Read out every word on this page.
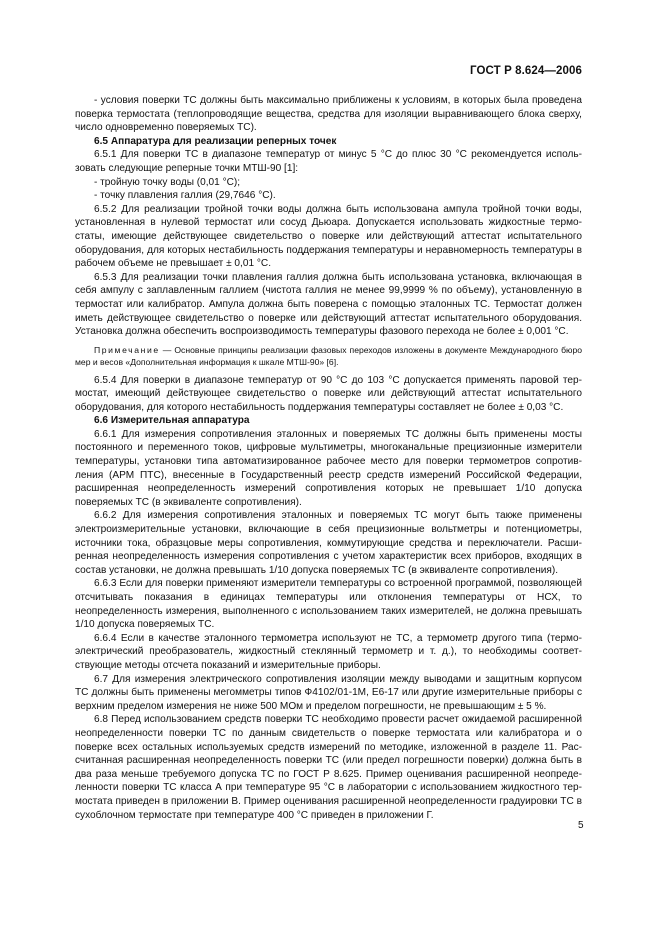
ГОСТ Р 8.624—2006

- условия поверки ТС должны быть максимально приближены к условиям, в которых была проведена поверка термостата (теплопроводящие вещества, средства для изоляции выравнивающего блока сверху, число одновременно поверяемых ТС).

6.5 Аппаратура для реализации реперных точек

6.5.1 Для поверки ТС в диапазоне температур от минус 5 °С до плюс 30 °С рекомендуется использовать следующие реперные точки МТШ-90 [1]:

- тройную точку воды (0,01 °С);

- точку плавления галлия (29,7646 °С).

6.5.2 Для реализации тройной точки воды должна быть использована ампула тройной точки воды, установленная в нулевой термостат или сосуд Дьюара. Допускается использовать жидкостные термостаты, имеющие действующее свидетельство о поверке или действующий аттестат испытательного оборудования, для которых нестабильность поддержания температуры и неравномерность температуры в рабочем объеме не превышает ± 0,01 °С.

6.5.3 Для реализации точки плавления галлия должна быть использована установка, включающая в себя ампулу с заплавленным галлием (чистота галлия не менее 99,9999 % по объему), установленную в термостат или калибратор. Ампула должна быть поверена с помощью эталонных ТС. Термостат должен иметь действующее свидетельство о поверке или действующий аттестат испытательного оборудования. Установка должна обеспечить воспроизводимость температуры фазового перехода не более ± 0,001 °С.

Примечание — Основные принципы реализации фазовых переходов изложены в документе Международного бюро мер и весов «Дополнительная информация к шкале МТШ-90» [6].

6.5.4 Для поверки в диапазоне температур от 90 °С до 103 °С допускается применять паровой термостат, имеющий действующее свидетельство о поверке или действующий аттестат испытательного оборудования, для которого нестабильность поддержания температуры составляет не более ± 0,03 °С.

6.6 Измерительная аппаратура

6.6.1 Для измерения сопротивления эталонных и поверяемых ТС должны быть применены мосты постоянного и переменного токов, цифровые мультиметры, многоканальные прецизионные измерители температуры, установки типа автоматизированное рабочее место для поверки термометров сопротивления (АРМ ПТС), внесенные в Государственный реестр средств измерений Российской Федерации, расширенная неопределенность измерений сопротивления которых не превышает 1/10 допуска поверяемых ТС (в эквиваленте сопротивления).

6.6.2 Для измерения сопротивления эталонных и поверяемых ТС могут быть также применены электроизмерительные установки, включающие в себя прецизионные вольтметры и потенциометры, источники тока, образцовые меры сопротивления, коммутирующие средства и переключатели. Расширенная неопределенность измерения сопротивления с учетом характеристик всех приборов, входящих в состав установки, не должна превышать 1/10 допуска поверяемых ТС (в эквиваленте сопротивления).

6.6.3 Если для поверки применяют измерители температуры со встроенной программой, позволяющей отсчитывать показания в единицах температуры или отклонения температуры от НСХ, то неопределенность измерения, выполненного с использованием таких измерителей, не должна превышать 1/10 допуска поверяемых ТС.

6.6.4 Если в качестве эталонного термометра используют не ТС, а термометр другого типа (термоэлектрический преобразователь, жидкостный стеклянный термометр и т. д.), то необходимы соответствующие методы отсчета показаний и измерительные приборы.

6.7 Для измерения электрического сопротивления изоляции между выводами и защитным корпусом ТС должны быть применены мегомметры типов Ф4102/01-1М, Е6-17 или другие измерительные приборы с верхним пределом измерения не ниже 500 МОм и пределом погрешности, не превышающим ± 5 %.

6.8 Перед использованием средств поверки ТС необходимо провести расчет ожидаемой расширенной неопределенности поверки ТС по данным свидетельств о поверке термостата или калибратора и о поверке всех остальных используемых средств измерений по методике, изложенной в разделе 11. Рассчитанная расширенная неопределенность поверки ТС (или предел погрешности поверки) должна быть в два раза меньше требуемого допуска ТС по ГОСТ Р 8.625. Пример оценивания расширенной неопределенности поверки ТС класса А при температуре 95 °С в лаборатории с использованием жидкостного термостата приведен в приложении В. Пример оценивания расширенной неопределенности градуировки ТС в сухоблочном термостате при температуре 400 °С приведен в приложении Г.

5
